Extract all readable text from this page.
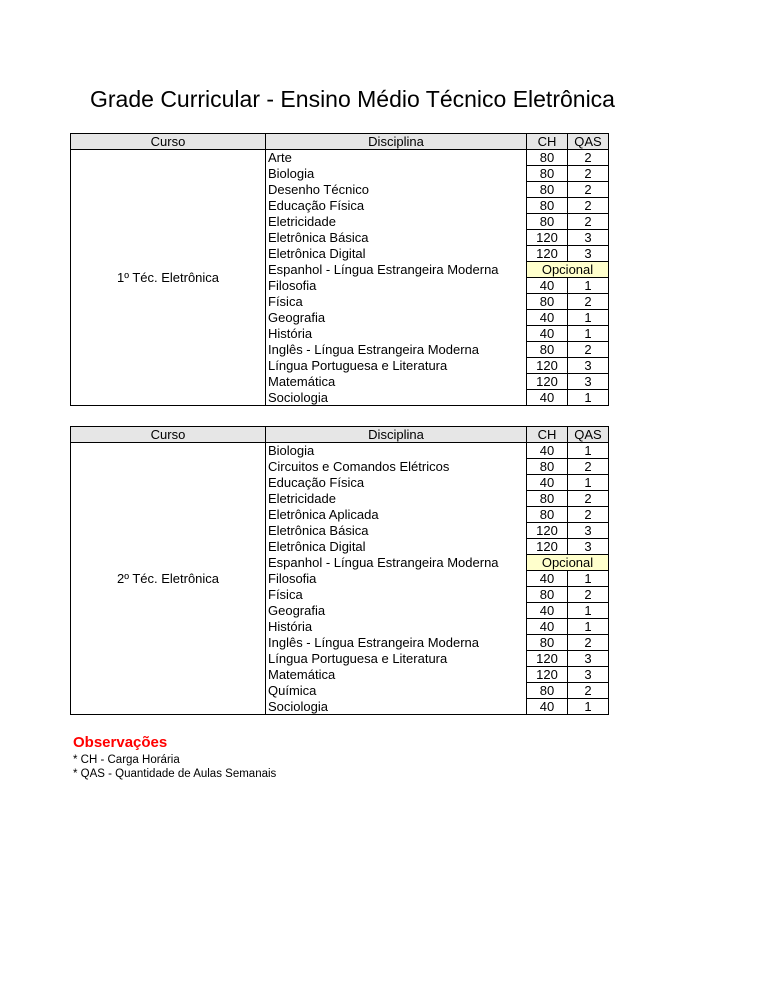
Grade Curricular - Ensino Médio Técnico Eletrônica
Curso	Disciplina	CH	QAS
1º Téc. Eletrônica	Arte	80	2
	Biologia	80	2
	Desenho Técnico	80	2
	Educação Física	80	2
	Eletricidade	80	2
	Eletrônica Básica	120	3
	Eletrônica Digital	120	3
	Espanhol - Língua Estrangeira Moderna	Opcional	
	Filosofia	40	1
	Física	80	2
	Geografia	40	1
	História	40	1
	Inglês - Língua Estrangeira Moderna	80	2
	Língua Portuguesa e Literatura	120	3
	Matemática	120	3
	Sociologia	40	1
Curso	Disciplina	CH	QAS
2º Téc. Eletrônica	Biologia	40	1
	Circuitos e Comandos Elétricos	80	2
	Educação Física	40	1
	Eletricidade	80	2
	Eletrônica Aplicada	80	2
	Eletrônica Básica	120	3
	Eletrônica Digital	120	3
	Espanhol - Língua Estrangeira Moderna	Opcional	
	Filosofia	40	1
	Física	80	2
	Geografia	40	1
	História	40	1
	Inglês - Língua Estrangeira Moderna	80	2
	Língua Portuguesa e Literatura	120	3
	Matemática	120	3
	Química	80	2
	Sociologia	40	1
Observações
* CH - Carga Horária
* QAS - Quantidade de Aulas Semanais
